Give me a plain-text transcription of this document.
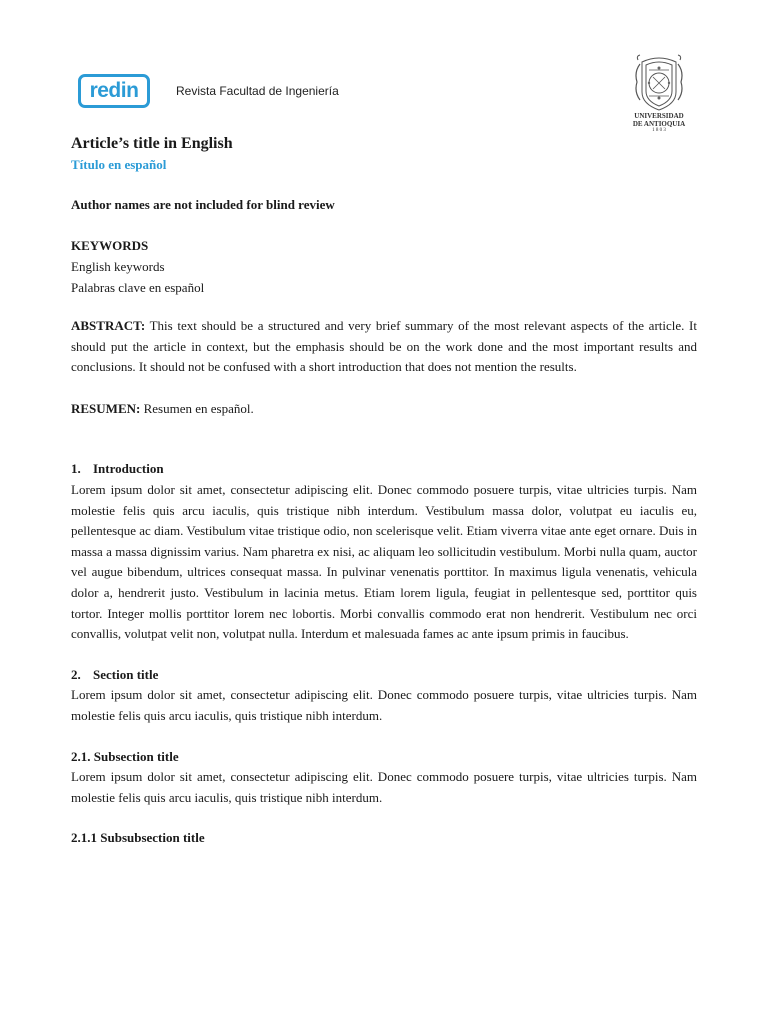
redin	Revista Facultad de Ingeniería
UNIVERSIDAD
DE ANTIOQUIA
1 8 0 3
Article’s title in English
Título en español

Author names are not included for blind review

KEYWORDS

English keywords

Palabras clave en español

ABSTRACT: This text should be a structured and very brief summary of the most relevant aspects of the article. It should put the article in context, but the emphasis should be on the work done and the most important results and conclusions. It should not be confused with a short introduction that does not mention the results.

RESUMEN: Resumen en español.

1. Introduction

Lorem ipsum dolor sit amet, consectetur adipiscing elit. Donec commodo posuere turpis, vitae ultricies turpis. Nam molestie felis quis arcu iaculis, quis tristique nibh interdum. Vestibulum massa dolor, volutpat eu iaculis eu, pellentesque ac diam. Vestibulum vitae tristique odio, non scelerisque velit. Etiam viverra vitae ante eget ornare. Duis in massa a massa dignissim varius. Nam pharetra ex nisi, ac aliquam leo sollicitudin vestibulum. Morbi nulla quam, auctor vel augue bibendum, ultrices consequat massa. In pulvinar venenatis porttitor. In maximus ligula venenatis, vehicula dolor a, hendrerit justo. Vestibulum in lacinia metus. Etiam lorem ligula, feugiat in pellentesque sed, porttitor quis tortor. Integer mollis porttitor lorem nec lobortis. Morbi convallis commodo erat non hendrerit. Vestibulum nec orci convallis, volutpat velit non, volutpat nulla. Interdum et malesuada fames ac ante ipsum primis in faucibus.

2. Section title

Lorem ipsum dolor sit amet, consectetur adipiscing elit. Donec commodo posuere turpis, vitae ultricies turpis. Nam molestie felis quis arcu iaculis, quis tristique nibh interdum.

2.1. Subsection title

Lorem ipsum dolor sit amet, consectetur adipiscing elit. Donec commodo posuere turpis, vitae ultricies turpis. Nam molestie felis quis arcu iaculis, quis tristique nibh interdum.

2.1.1 Subsubsection title
